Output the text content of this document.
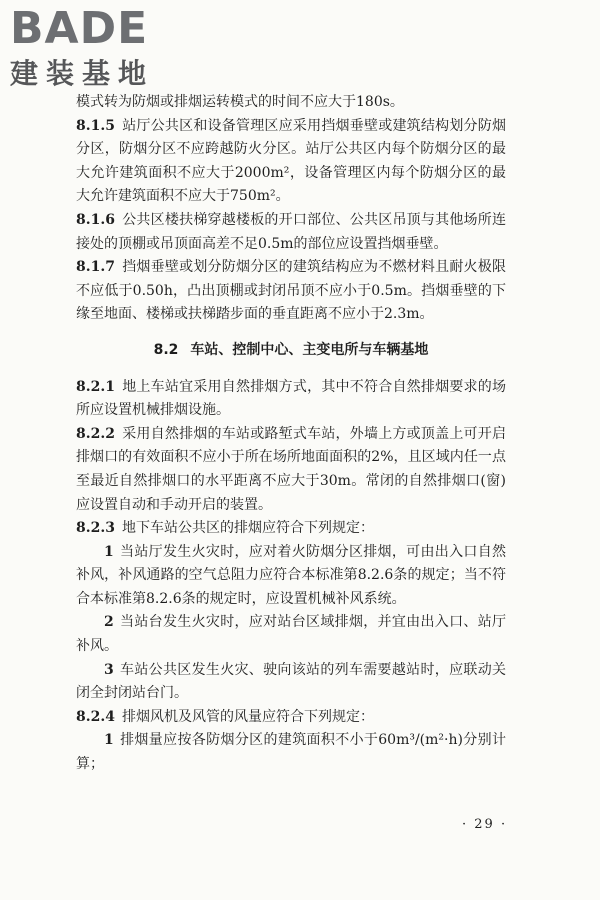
BADE
建装基地

模式转为防烟或排烟运转模式的时间不应大于180s。

8.1.5 站厅公共区和设备管理区应采用挡烟垂壁或建筑结构划分防烟分区，防烟分区不应跨越防火分区。站厅公共区内每个防烟分区的最大允许建筑面积不应大于2000m²，设备管理区内每个防烟分区的最大允许建筑面积不应大于750m²。

8.1.6 公共区楼扶梯穿越楼板的开口部位、公共区吊顶与其他场所连接处的顶棚或吊顶面高差不足0.5m的部位应设置挡烟垂壁。

8.1.7 挡烟垂壁或划分防烟分区的建筑结构应为不燃材料且耐火极限不应低于0.50h，凸出顶棚或封闭吊顶不应小于0.5m。挡烟垂壁的下缘至地面、楼梯或扶梯踏步面的垂直距离不应小于2.3m。

8.2 车站、控制中心、主变电所与车辆基地

8.2.1 地上车站宜采用自然排烟方式，其中不符合自然排烟要求的场所应设置机械排烟设施。

8.2.2 采用自然排烟的车站或路堑式车站，外墙上方或顶盖上可开启排烟口的有效面积不应小于所在场所地面面积的2%，且区域内任一点至最近自然排烟口的水平距离不应大于30m。常闭的自然排烟口(窗)应设置自动和手动开启的装置。

8.2.3 地下车站公共区的排烟应符合下列规定：

1 当站厅发生火灾时，应对着火防烟分区排烟，可由出入口自然补风，补风通路的空气总阻力应符合本标准第8.2.6条的规定；当不符合本标准第8.2.6条的规定时，应设置机械补风系统。

2 当站台发生火灾时，应对站台区域排烟，并宜由出入口、站厅补风。

3 车站公共区发生火灾、驶向该站的列车需要越站时，应联动关闭全封闭站台门。

8.2.4 排烟风机及风管的风量应符合下列规定：

1 排烟量应按各防烟分区的建筑面积不小于60m³/(m²·h)分别计算；

· 29 ·
